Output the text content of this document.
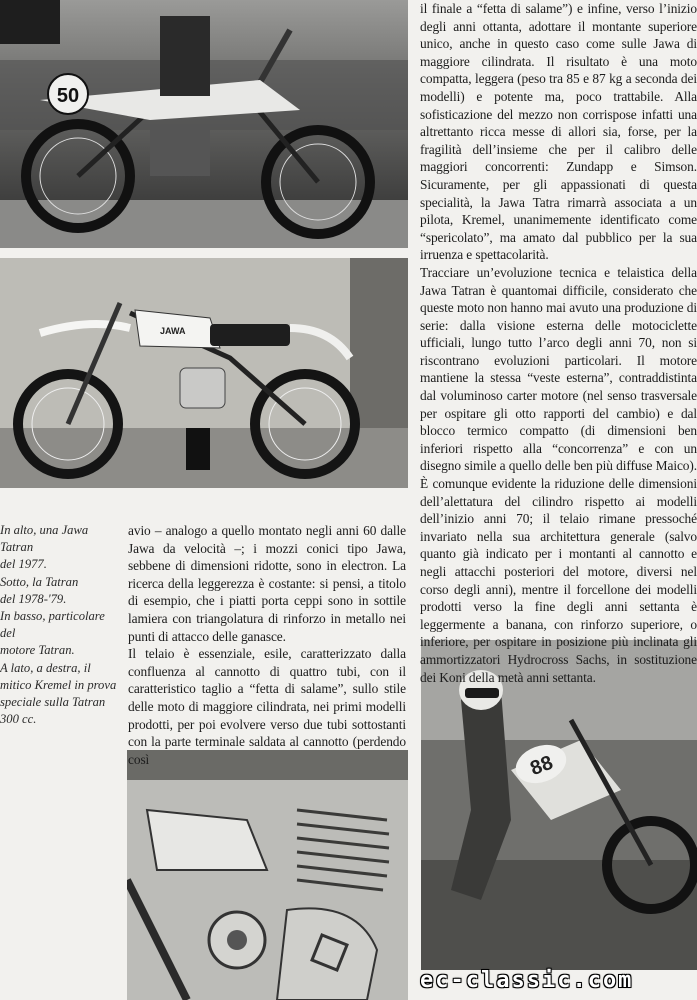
50
JAWA
88
In alto, una Jawa Tatran
del 1977.
Sotto, la Tatran
del 1978-'79.
In basso, particolare del
motore Tatran.
A lato, a destra, il
mitico Kremel in prova
speciale sulla Tatran
300 cc.

avio – analogo a quello montato negli anni 60 dalle Jawa da velocità –; i mozzi conici tipo Jawa, sebbene di dimensioni ridotte, sono in electron. La ricerca della leggerezza è costante: si pensi, a titolo di esempio, che i piatti porta ceppi sono in sottile lamiera con triangolatura di rinforzo in metallo nei punti di attacco delle ganasce.

Il telaio è essenziale, esile, caratterizzato dalla confluenza al cannotto di quattro tubi, con il caratteristico taglio a “fetta di salame”, sullo stile delle moto di maggiore cilindrata, nei primi modelli prodotti, per poi evolvere verso due tubi sottostanti con la parte terminale saldata al cannotto (perdendo così

il finale a “fetta di salame”) e infine, verso l’inizio degli anni ottanta, adottare il montante superiore unico, anche in questo caso come sulle Jawa di maggiore cilindrata. Il risultato è una moto compatta, leggera (peso tra 85 e 87 kg a seconda dei modelli) e potente ma, poco trattabile. Alla sofisticazione del mezzo non corrispose infatti una altrettanto ricca messe di allori sia, forse, per la fragilità dell’insieme che per il calibro delle maggiori concorrenti: Zundapp e Simson. Sicuramente, per gli appassionati di questa specialità, la Jawa Tatra rimarrà associata a un pilota, Kremel, unanimemente identificato come “spericolato”, ma amato dal pubblico per la sua irruenza e spettacolarità.

Tracciare un’evoluzione tecnica e telaistica della Jawa Tatran è quantomai difficile, considerato che queste moto non hanno mai avuto una produzione di serie: dalla visione esterna delle motociclette ufficiali, lungo tutto l’arco degli anni 70, non si riscontrano evoluzioni particolari. Il motore mantiene la stessa “veste esterna”, contraddistinta dal voluminoso carter motore (nel senso trasversale per ospitare gli otto rapporti del cambio) e dal blocco termico compatto (di dimensioni ben inferiori rispetto alla “concorrenza” e con un disegno simile a quello delle ben più diffuse Maico). È comunque evidente la riduzione delle dimensioni dell’alettatura del cilindro rispetto ai modelli dell’inizio anni 70; il telaio rimane pressoché invariato nella sua architettura generale (salvo quanto già indicato per i montanti al cannotto e negli attacchi posteriori del motore, diversi nel corso degli anni), mentre il forcellone dei modelli prodotti verso la fine degli anni settanta è leggermente a banana, con rinforzo superiore, o inferiore, per ospitare in posizione più inclinata gli ammortizzatori Hydrocross Sachs, in sostituzione dei Koni della metà anni settanta.

ec-classic.com
